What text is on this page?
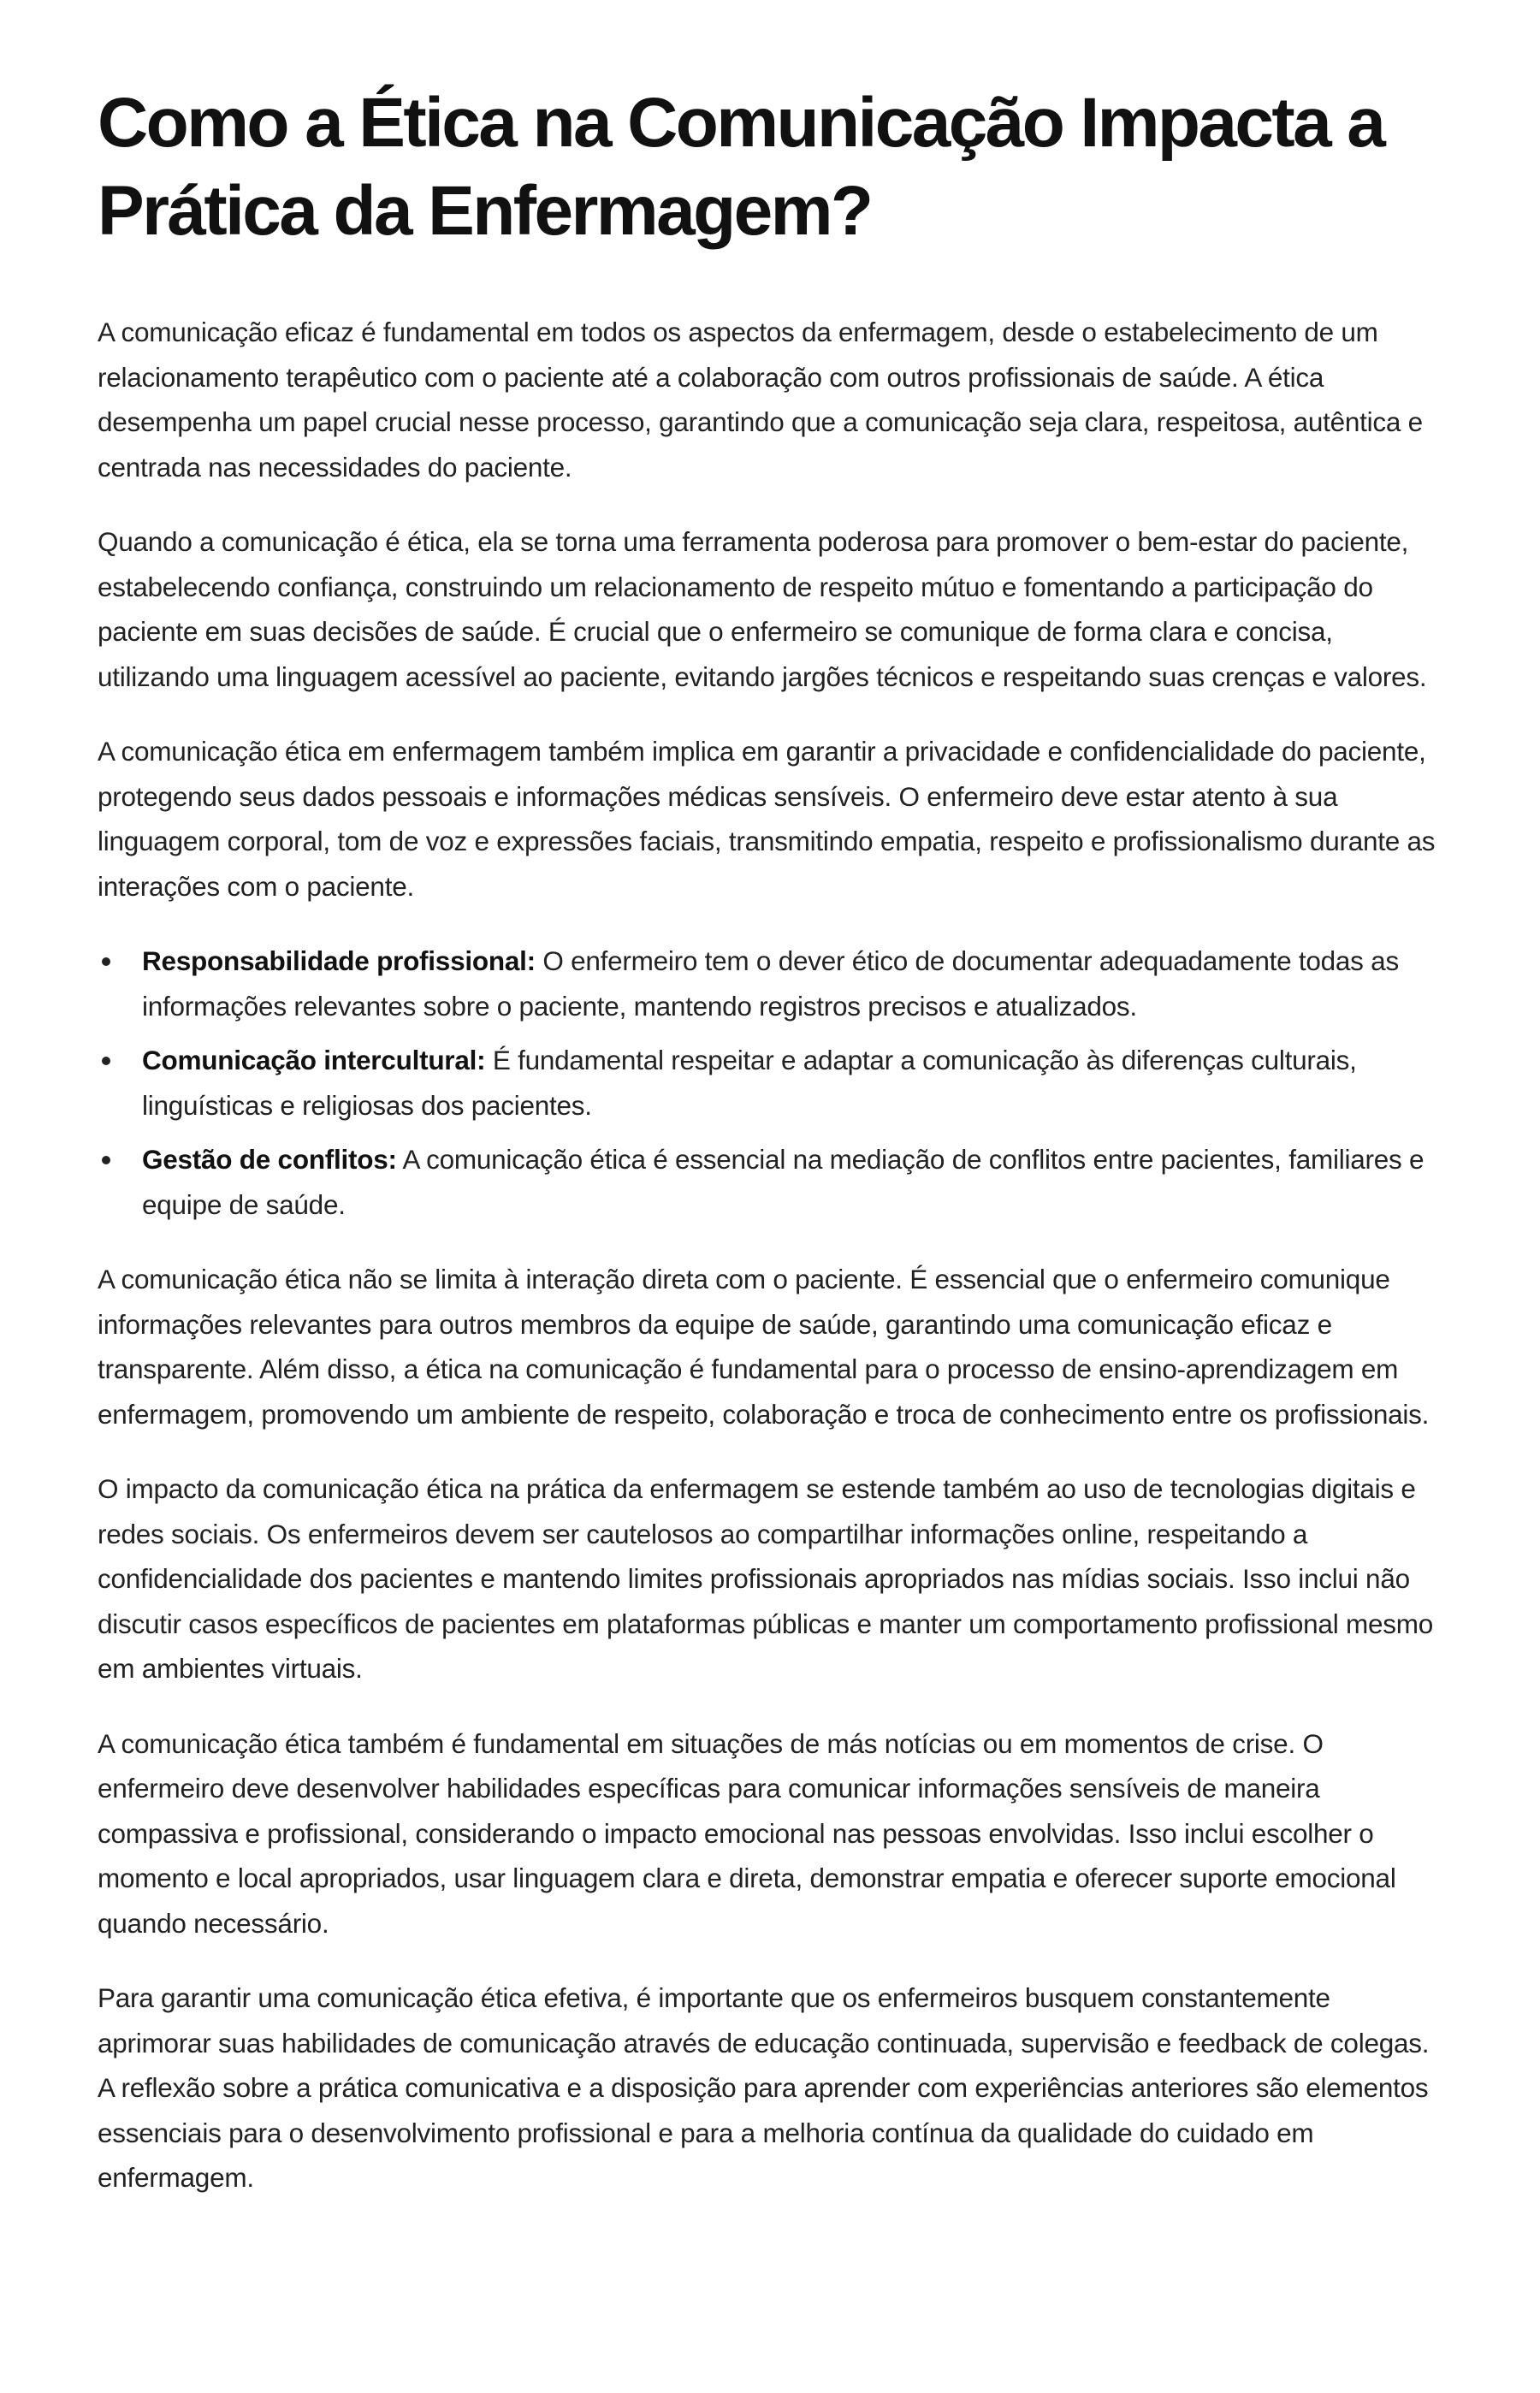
Como a Ética na Comunicação Impacta a Prática da Enfermagem?

A comunicação eficaz é fundamental em todos os aspectos da enfermagem, desde o estabelecimento de um relacionamento terapêutico com o paciente até a colaboração com outros profissionais de saúde. A ética desempenha um papel crucial nesse processo, garantindo que a comunicação seja clara, respeitosa, autêntica e centrada nas necessidades do paciente.

Quando a comunicação é ética, ela se torna uma ferramenta poderosa para promover o bem-estar do paciente, estabelecendo confiança, construindo um relacionamento de respeito mútuo e fomentando a participação do paciente em suas decisões de saúde. É crucial que o enfermeiro se comunique de forma clara e concisa, utilizando uma linguagem acessível ao paciente, evitando jargões técnicos e respeitando suas crenças e valores.

A comunicação ética em enfermagem também implica em garantir a privacidade e confidencialidade do paciente, protegendo seus dados pessoais e informações médicas sensíveis. O enfermeiro deve estar atento à sua linguagem corporal, tom de voz e expressões faciais, transmitindo empatia, respeito e profissionalismo durante as interações com o paciente.

Responsabilidade profissional: O enfermeiro tem o dever ético de documentar adequadamente todas as informações relevantes sobre o paciente, mantendo registros precisos e atualizados.
Comunicação intercultural: É fundamental respeitar e adaptar a comunicação às diferenças culturais, linguísticas e religiosas dos pacientes.
Gestão de conflitos: A comunicação ética é essencial na mediação de conflitos entre pacientes, familiares e equipe de saúde.

A comunicação ética não se limita à interação direta com o paciente. É essencial que o enfermeiro comunique informações relevantes para outros membros da equipe de saúde, garantindo uma comunicação eficaz e transparente. Além disso, a ética na comunicação é fundamental para o processo de ensino-aprendizagem em enfermagem, promovendo um ambiente de respeito, colaboração e troca de conhecimento entre os profissionais.

O impacto da comunicação ética na prática da enfermagem se estende também ao uso de tecnologias digitais e redes sociais. Os enfermeiros devem ser cautelosos ao compartilhar informações online, respeitando a confidencialidade dos pacientes e mantendo limites profissionais apropriados nas mídias sociais. Isso inclui não discutir casos específicos de pacientes em plataformas públicas e manter um comportamento profissional mesmo em ambientes virtuais.

A comunicação ética também é fundamental em situações de más notícias ou em momentos de crise. O enfermeiro deve desenvolver habilidades específicas para comunicar informações sensíveis de maneira compassiva e profissional, considerando o impacto emocional nas pessoas envolvidas. Isso inclui escolher o momento e local apropriados, usar linguagem clara e direta, demonstrar empatia e oferecer suporte emocional quando necessário.

Para garantir uma comunicação ética efetiva, é importante que os enfermeiros busquem constantemente aprimorar suas habilidades de comunicação através de educação continuada, supervisão e feedback de colegas. A reflexão sobre a prática comunicativa e a disposição para aprender com experiências anteriores são elementos essenciais para o desenvolvimento profissional e para a melhoria contínua da qualidade do cuidado em enfermagem.
